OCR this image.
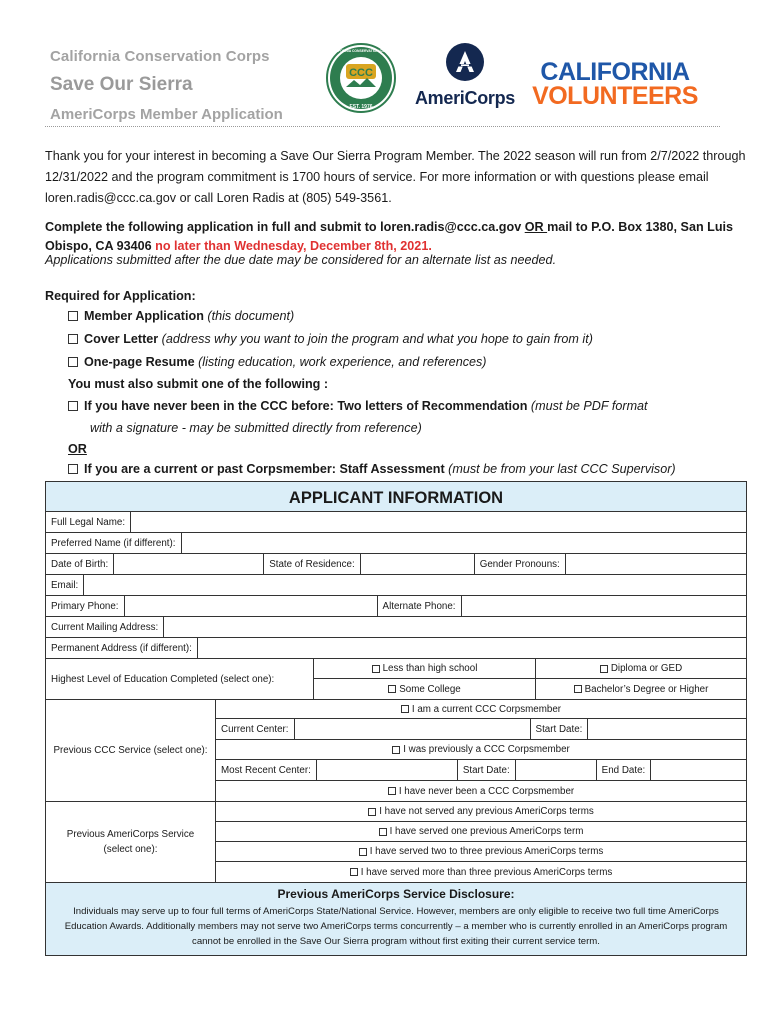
California Conservation Corps
Save Our Sierra
AmeriCorps Member Application
CCC
EST. 1976
CALIFORNIA CONSERVATION CORPS
AmeriCorps
CALIFORNIA
VOLUNTEERS

Thank you for your interest in becoming a Save Our Sierra Program Member. The 2022 season will run from 2/7/2022 through 12/31/2022 and the program commitment is 1700 hours of service. For more information or with questions please email loren.radis@ccc.ca.gov or call Loren Radis at (805) 549-3561.

Complete the following application in full and submit to loren.radis@ccc.ca.gov OR mail to P.O. Box 1380, San Luis Obispo, CA 93406 no later than Wednesday, December 8th, 2021.

Applications submitted after the due date may be considered for an alternate list as needed.

Required for Application:
Member Application (this document)
Cover Letter (address why you want to join the program and what you hope to gain from it)
One-page Resume (listing education, work experience, and references)
You must also submit one of the following :
If you have never been in the CCC before: Two letters of Recommendation (must be PDF format
with a signature - may be submitted directly from reference)
OR
If you are a current or past Corpsmember: Staff Assessment (must be from your last CCC Supervisor)
APPLICANT INFORMATION
Full Legal Name:
Preferred Name (if different):
Date of Birth:	State of Residence:	Gender Pronouns:
Email:
Primary Phone:	Alternate Phone:
Current Mailing Address:
Permanent Address (if different):
Highest Level of Education Completed (select one):
Less than high school	Diploma or GED
Some College	Bachelor’s Degree or Higher
Previous CCC Service (select one):
I am a current CCC Corpsmember
Current Center:	Start Date:
I was previously a CCC Corpsmember
Most Recent Center:	Start Date:	End Date:
I have never been a CCC Corpsmember
Previous AmeriCorps Service (select one):
I have not served any previous AmeriCorps terms
I have served one previous AmeriCorps term
I have served two to three previous AmeriCorps terms
I have served more than three previous AmeriCorps terms
Previous AmeriCorps Service Disclosure:
Individuals may serve up to four full terms of AmeriCorps State/National Service. However, members are only eligible to receive two full time AmeriCorps Education Awards. Additionally members may not serve two AmeriCorps terms concurrently – a member who is currently enrolled in an AmeriCorps program cannot be enrolled in the Save Our Sierra program without first exiting their current service term.
